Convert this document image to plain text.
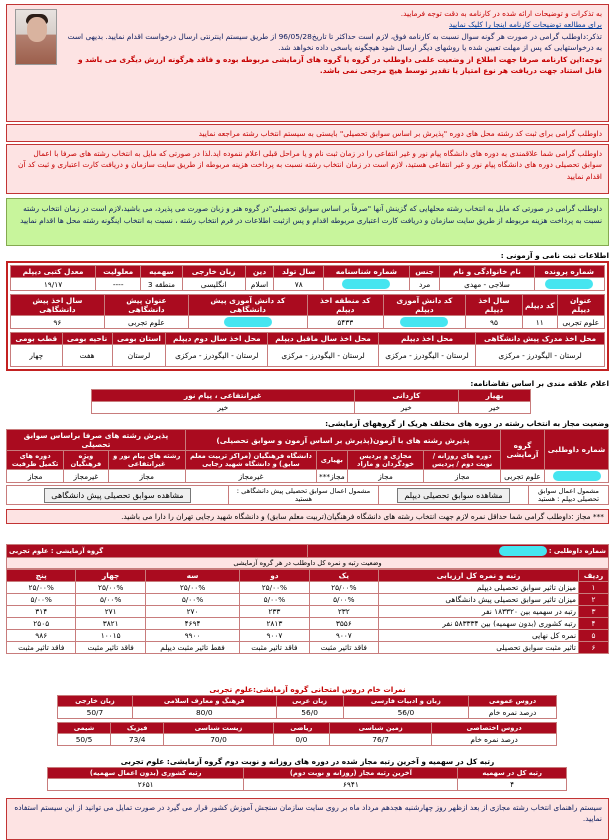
به تذکرات و توضیحات ارائه شده در کارنامه به دقت توجه فرمایید.
برای مطالعه توضیحات کارنامه اینجا را کلیک نمایید
تذکر:داوطلب گرامی در صورت هر گونه سوال نسبت به کارنامه فوق، لازم است حداکثر تا تاریخ96/05/28 از طریق سیستم اینترنتی ارسال درخواست اقدام نمایید. بدیهی است به درخواستهایی که پس از مهلت تعیین شده یا روشهای دیگر ارسال شود هیچگونه پاسخی داده نخواهد شد.
توجه:این کارنامه صرفا جهت اطلاع از وضعیت علمی داوطلب در گروه یا گروه های آزمایشی مربوطه بوده و فاقد هرگونه ارزش دیگری می باشد و قابل استناد جهت دریافت هر نوع امتیاز یا تقدیر توسط هیچ مرجعی نمی باشد.
داوطلب گرامی برای ثبت کد رشته محل های دوره "پذیرش بر اساس سوابق تحصیلی" بایستی به سیستم انتخاب رشته مراجعه نمایید
داوطلب گرامی شما علاقمندی به دوره های دانشگاه پیام نور و غیر انتفاعی را در زمان ثبت نام و یا مراحل قبلی اعلام ننموده اید.لذا در صورتی که مایل به انتخاب رشته های صرفا با اعمال سوابق تحصیلی دوره های دانشگاه پیام نور و غیر انتفاعی هستید، لازم است در زمان انتخاب رشته نسبت به پرداخت هزینه مربوطه از طریق سایت سازمان و دریافت کارت اعتباری و ثبت کد آن اقدام نمایید
داوطلب گرامی در صورتی که مایل به انتخاب رشته محلهایی که گزینش آنها "صرفاً بر اساس سوابق تحصیلی"در گروه هنر و زبان صورت می پذیرد، می باشید،لازم است در زمان انتخاب رشته نسبت به پرداخت هزینه مربوطه از طریق سایت سازمان و دریافت کارت اعتباری مربوطه اقدام و پس ازثبت اطلاعات در فرم انتخاب رشته ، نسبت به انتخاب اینگونه رشته محل ها اقدام نمایید
اطلاعات ثبت نامی و آزمونی :
شماره پرونده	نام خانوادگی و نام	جنس	شماره شناسنامه	سال تولد	دین	زبان خارجی	سهمیه	معلولیت	معدل کتبی دیپلم
	سلاجی - مهدی	مرد		۷۸	اسلام	انگلیسی	منطقه 3	----	۱۹/۱۷
عنوان دیپلم	کد دیپلم	سال اخذ دیپلم	کد دانش آموزی دیپلم	کد منطقه اخذ دیپلم	کد دانش آموزی پیش دانشگاهی	عنوان پیش دانشگاهی	سال اخذ پیش دانشگاهی
علوم تجربی	۱۱	۹۵		۵۴۳۳		علوم تجربی	۹۶
محل اخذ مدرک پیش دانشگاهی	محل اخذ دیپلم	محل اخذ سال ماقبل دیپلم	محل اخذ سال دوم دیپلم	استان بومی	ناحیه بومی	قطب بومی
لرستان - الیگودرز - مرکزی	لرستان - الیگودرز - مرکزی	لرستان - الیگودرز - مرکزی	لرستان - الیگودرز - مرکزی	لرستان	هفت	چهار
اعلام علاقه مندی بر اساس تقاضانامه:
بهیار	کاردانی	غیرانتفاعی ، پیام نور
خیر	خیر	خیر
وضعیت مجاز به انتخاب رشته در دوره های مختلف هریک از گروههای آزمایشی:
شماره داوطلبی	گروه آزمایشی	پذیرش رشته های با آزمون(پذیرش بر اساس آزمون و سوابق تحصیلی)				پذیرش رشته های صرفا براساس سوابق تحصیلی		
		دوره های روزانه / نوبت دوم / پردیس	مجازی و پردیس خودگردان و مازاد	بهیاری	دانشگاه فرهنگیان (مراکز تربیت معلم سابق) و دانشگاه شهید رجایی	رشته های پیام نور و غیرانتفاعی	ویژه فرهنگیان	دوره های تکمیل ظرفیت
	علوم تجربی	مجاز	مجاز	مجاز***	غیرمجاز	مجاز	غیرمجاز	مجاز
مشمول اعمال سوابق تحصیلی دیپلم : هستید	مشاهده سوابق تحصیلی دیپلم	مشمول اعمال سوابق تحصیلی پیش دانشگاهی : هستید	مشاهده سوابق تحصیلی پیش دانشگاهی
*** مجاز :داوطلب گرامی شما حداقل نمره لازم جهت انتخاب رشته های دانشگاه فرهنگیان(تربیت معلم سابق) و دانشگاه شهید رجایی تهران را دارا می باشید.
شماره داوطلبی :	گروه آزمایشی : علوم تجربی
وضعیت رتبه و نمره کل داوطلب در هر گروه آزمایشی
ردیف	رتبه و نمره کل ارزیابی	یک	دو	سه	چهار	پنج
۱	میزان تاثیر سوابق تحصیلی دیپلم	۲۵/۰۰%	۲۵/۰۰%	۲۵/۰۰%	۲۵/۰۰%	۲۵/۰۰%
۲	میزان تاثیر سوابق تحصیلی پیش دانشگاهی	۵/۰۰%	۵/۰۰%	۵/۰۰%	۵/۰۰%	۵/۰۰%
۳	رتبه در سهمیه بین ۱۸۳۳۲۰ نفر	۲۳۲	۲۳۳	۲۷۰	۲۷۱	۳۱۴
۴	رتبه کشوری (بدون سهمیه) بین ۵۸۳۳۳۴ نفر	۳۵۵۶	۲۸۱۳	۴۶۹۴	۳۸۲۱	۲۵۰۵
۵	نمره کل نهایی	۹۰۰۷	۹۰۰۷	۹۹۰۰	۱۰۰۱۵	۹۸۶
۶	تاثیر مثبت سوابق تحصیلی	فاقد تاثیر مثبت	فاقد تاثیر مثبت	فقط تاثیر مثبت دیپلم	فاقد تاثیر مثبت	فاقد تاثیر مثبت
نمرات خام دروس امتحانی گروه آزمایشی:علوم تجربی
دروس عمومی	زبان و ادبیات فارسی	زبان عربی	فرهنگ و معارف اسلامی	زبان خارجی
درصد نمره خام	56/0	56/0	80/0	50/7
دروس اختصاصی	زمین شناسی	ریاضی	زیست شناسی	فیزیک	شیمی
درصد نمره خام	76/7	0/0	70/0	73/4	50/5
رتبه کل در سهمیه و آخرین رتبه مجاز شده در دوره های روزانه و نوبت دوم گروه آزمایشی: علوم تجربی
رتبه کل در سهمیه	آخرین رتبه مجاز (روزانه و نوبت دوم)	رتبه کشوری (بدون اعمال سهمیه)
۴	۶۹۴۱	۲۶۵۱
سیستم راهنمای انتخاب رشته مجازی از بعد ازظهر روز چهارشنبه هجدهم مرداد ماه بر روی سایت سازمان سنجش آموزش کشور قرار می گیرد در صورت تمایل می توانید از این سیستم استفاده نمایید.
